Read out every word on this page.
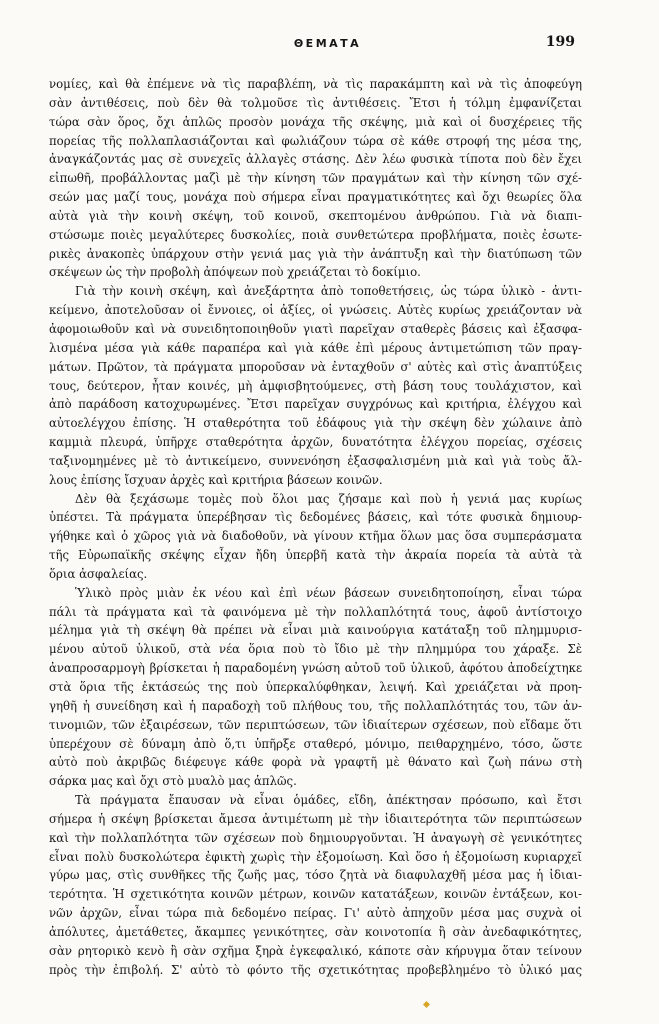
ΘΕΜΑΤΑ	199
νομίες, καὶ θὰ ἐπέμενε νὰ τὶς παραβλέπη, νὰ τὶς παρακάμπτη καὶ νὰ τὶς ἀποφεύγη
σὰν ἀντιθέσεις, ποὺ δὲν θὰ τολμοῦσε τὶς ἀντιθέσεις. Ἔτσι ἡ τόλμη ἐμφανίζεται
τώρα σὰν ὅρος, ὄχι ἁπλῶς προσὸν μονάχα τῆς σκέψης, μιὰ καὶ οἱ δυσχέρειες τῆς
πορείας τῆς πολλαπλασιάζονται καὶ φωλιάζουν τώρα σὲ κάθε στροφή της μέσα της,
ἀναγκάζοντάς μας σὲ συνεχεῖς ἀλλαγὲς στάσης. Δὲν λέω φυσικὰ τίποτα ποὺ δὲν ἔχει
εἰπωθῆ, προβάλλοντας μαζὶ μὲ τὴν κίνηση τῶν πραγμάτων καὶ τὴν κίνηση τῶν σχέ-
σεών μας μαζί τους, μονάχα ποὺ σήμερα εἶναι πραγματικότητες καὶ ὄχι θεωρίες ὅλα
αὐτὰ γιὰ τὴν κοινὴ σκέψη, τοῦ κοινοῦ, σκεπτομένου ἀνθρώπου. Γιὰ νὰ διαπι-
στώσωμε ποιὲς μεγαλύτερες δυσκολίες, ποιὰ συνθετώτερα προβλήματα, ποιὲς ἐσωτε-
ρικὲς ἀνακοπὲς ὑπάρχουν στὴν γενιά μας γιὰ τὴν ἀνάπτυξη καὶ τὴν διατύπωση τῶν
σκέψεων ὡς τὴν προβολὴ ἀπόψεων ποὺ χρειάζεται τὸ δοκίμιο.
Γιὰ τὴν κοινὴ σκέψη, καὶ ἀνεξάρτητα ἀπὸ τοποθετήσεις, ὡς τώρα ὑλικὸ - ἀντι-
κείμενο, ἀποτελοῦσαν οἱ ἔννοιες, οἱ ἀξίες, οἱ γνώσεις. Αὐτὲς κυρίως χρειάζονταν νὰ
ἀφομοιωθοῦν καὶ νὰ συνειδητοποιηθοῦν γιατὶ παρεῖχαν σταθερὲς βάσεις καὶ ἐξασφα-
λισμένα μέσα γιὰ κάθε παραπέρα καὶ γιὰ κάθε ἐπὶ μέρους ἀντιμετώπιση τῶν πραγ-
μάτων. Πρῶτον, τὰ πράγματα μποροῦσαν νὰ ἐνταχθοῦν σ' αὐτὲς καὶ στὶς ἀναπτύξεις
τους, δεύτερον, ἦταν κοινές, μὴ ἀμφισβητούμενες, στὴ βάση τους τουλάχιστον, καὶ
ἀπὸ παράδοση κατοχυρωμένες. Ἔτσι παρεῖχαν συγχρόνως καὶ κριτήρια, ἐλέγχου καὶ
αὐτοελέγχου ἐπίσης. Ἡ σταθερότητα τοῦ ἐδάφους γιὰ τὴν σκέψη δὲν χώλαινε ἀπὸ
καμμιὰ πλευρά, ὑπῆρχε σταθερότητα ἀρχῶν, δυνατότητα ἐλέγχου πορείας, σχέσεις
ταξινομημένες μὲ τὸ ἀντικείμενο, συννενόηση ἐξασφαλισμένη μιὰ καὶ γιὰ τοὺς ἄλ-
λους ἐπίσης ἴσχυαν ἀρχὲς καὶ κριτήρια βάσεων κοινῶν.
Δὲν θὰ ξεχάσωμε τομὲς ποὺ ὅλοι μας ζήσαμε καὶ ποὺ ἡ γενιά μας κυρίως
ὑπέστει. Τὰ πράγματα ὑπερέβησαν τὶς δεδομένες βάσεις, καὶ τότε φυσικὰ δημιουρ-
γήθηκε καὶ ὁ χῶρος γιὰ νὰ διαδοθοῦν, νὰ γίνουν κτῆμα ὅλων μας ὅσα συμπεράσματα
τῆς Εὐρωπαϊκῆς σκέψης εἶχαν ἤδη ὑπερβῆ κατὰ τὴν ἀκραία πορεία τὰ αὐτὰ τὰ
ὅρια ἀσφαλείας.
Ὑλικὸ πρὸς μιὰν ἐκ νέου καὶ ἐπὶ νέων βάσεων συνειδητοποίηση, εἶναι τώρα
πάλι τὰ πράγματα καὶ τὰ φαινόμενα μὲ τὴν πολλαπλότητά τους, ἀφοῦ ἀντίστοιχο
μέλημα γιὰ τὴ σκέψη θὰ πρέπει νὰ εἶναι μιὰ καινούργια κατάταξη τοῦ πλημμυρισ-
μένου αὐτοῦ ὑλικοῦ, στὰ νέα ὅρια ποὺ τὸ ἴδιο μὲ τὴν πλημμύρα του χάραξε. Σὲ
ἀναπροσαρμογὴ βρίσκεται ἡ παραδομένη γνώση αὐτοῦ τοῦ ὑλικοῦ, ἀφότου ἀποδείχτηκε
στὰ ὅρια τῆς ἐκτάσεώς της ποὺ ὑπερκαλύφθηκαν, λειψή. Καὶ χρειάζεται νὰ προη-
γηθῆ ἡ συνείδηση καὶ ἡ παραδοχὴ τοῦ πλήθους του, τῆς πολλαπλότητάς του, τῶν ἀν-
τινομιῶν, τῶν ἐξαιρέσεων, τῶν περιπτώσεων, τῶν ἰδιαίτερων σχέσεων, ποὺ εἴδαμε ὅτι
ὑπερέχουν σὲ δύναμη ἀπὸ ὅ,τι ὑπῆρξε σταθερό, μόνιμο, πειθαρχημένο, τόσο, ὥστε
αὐτὸ ποὺ ἀκριβῶς διέφευγε κάθε φορὰ νὰ γραφτῆ μὲ θάνατο καὶ ζωὴ πάνω στὴ
σάρκα μας καὶ ὄχι στὸ μυαλὸ μας ἁπλῶς.
Τὰ πράγματα ἔπαυσαν νὰ εἶναι ὁμάδες, εἴδη, ἀπέκτησαν πρόσωπο, καὶ ἔτσι
σήμερα ἡ σκέψη βρίσκεται ἄμεσα ἀντιμέτωπη μὲ τὴν ἰδιαιτερότητα τῶν περιπτώσεων
καὶ τὴν πολλαπλότητα τῶν σχέσεων ποὺ δημιουργοῦνται. Ἡ ἀναγωγὴ σὲ γενικότητες
εἶναι πολὺ δυσκολώτερα ἐφικτὴ χωρὶς τὴν ἐξομοίωση. Καὶ ὅσο ἡ ἐξομοίωση κυριαρχεῖ
γύρω μας, στὶς συνθῆκες τῆς ζωῆς μας, τόσο ζητὰ νὰ διαφυλαχθῆ μέσα μας ἡ ἰδιαι-
τερότητα. Ἡ σχετικότητα κοινῶν μέτρων, κοινῶν κατατάξεων, κοινῶν ἐντάξεων, κοι-
νῶν ἀρχῶν, εἶναι τώρα πιὰ δεδομένο πείρας. Γι' αὐτὸ ἀπηχοῦν μέσα μας συχνὰ οἱ
ἀπόλυτες, ἀμετάθετες, ἄκαμπες γενικότητες, σὰν κοινοτοπία ἢ σὰν ἀνεδαφικότητες,
σὰν ρητορικὸ κενὸ ἢ σὰν σχῆμα ξηρὰ ἐγκεφαλικό, κάποτε σὰν κήρυγμα ὅταν τείνουν
πρὸς τὴν ἐπιβολή. Σ' αὐτὸ τὸ φόντο τῆς σχετικότητας προβεβλημένο τὸ ὑλικό μας
